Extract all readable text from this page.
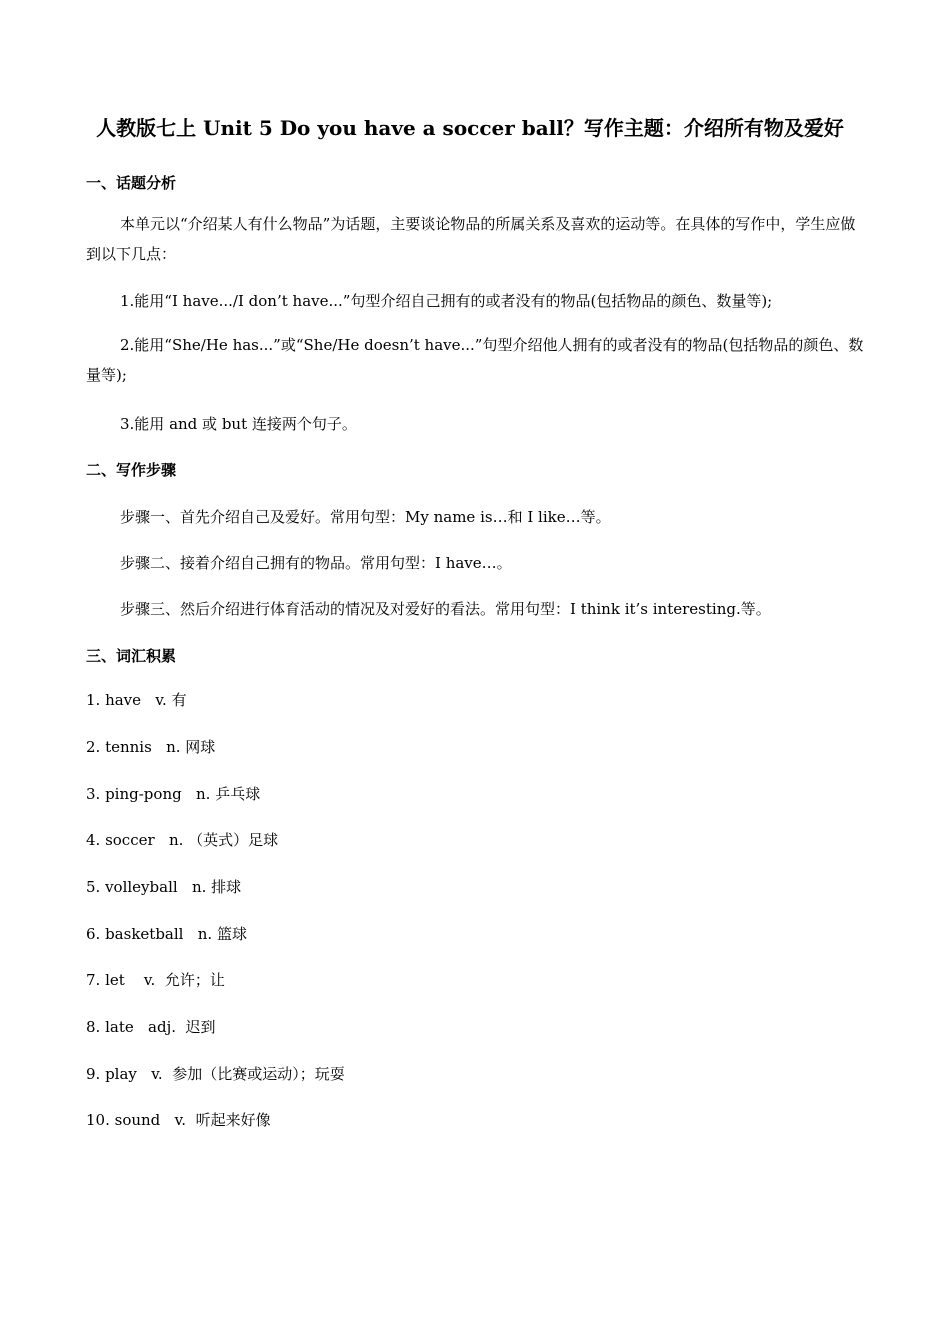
人教版七上 Unit 5 Do you have a soccer ball？写作主题：介绍所有物及爱好
一、话题分析
本单元以“介绍某人有什么物品”为话题，主要谈论物品的所属关系及喜欢的运动等。在具体的写作中，学生应做到以下几点：
1.能用“I have.../I don’t have...”句型介绍自己拥有的或者没有的物品(包括物品的颜色、数量等);
2.能用“She/He has...”或“She/He doesn’t have...”句型介绍他人拥有的或者没有的物品(包括物品的颜色、数量等);
3.能用 and 或 but 连接两个句子。
二、写作步骤
步骤一、首先介绍自己及爱好。常用句型：My name is…和 I like…等。
步骤二、接着介绍自己拥有的物品。常用句型：I have…。
步骤三、然后介绍进行体育活动的情况及对爱好的看法。常用句型：I think it’s interesting.等。
三、词汇积累
1. have   v. 有
2. tennis   n. 网球
3. ping-pong   n. 乒乓球
4. soccer   n. （英式）足球
5. volleyball   n. 排球
6. basketball   n. 篮球
7. let    v.  允许；让
8. late   adj.  迟到
9. play   v.  参加（比赛或运动）；玩耍
10. sound   v.  听起来好像
